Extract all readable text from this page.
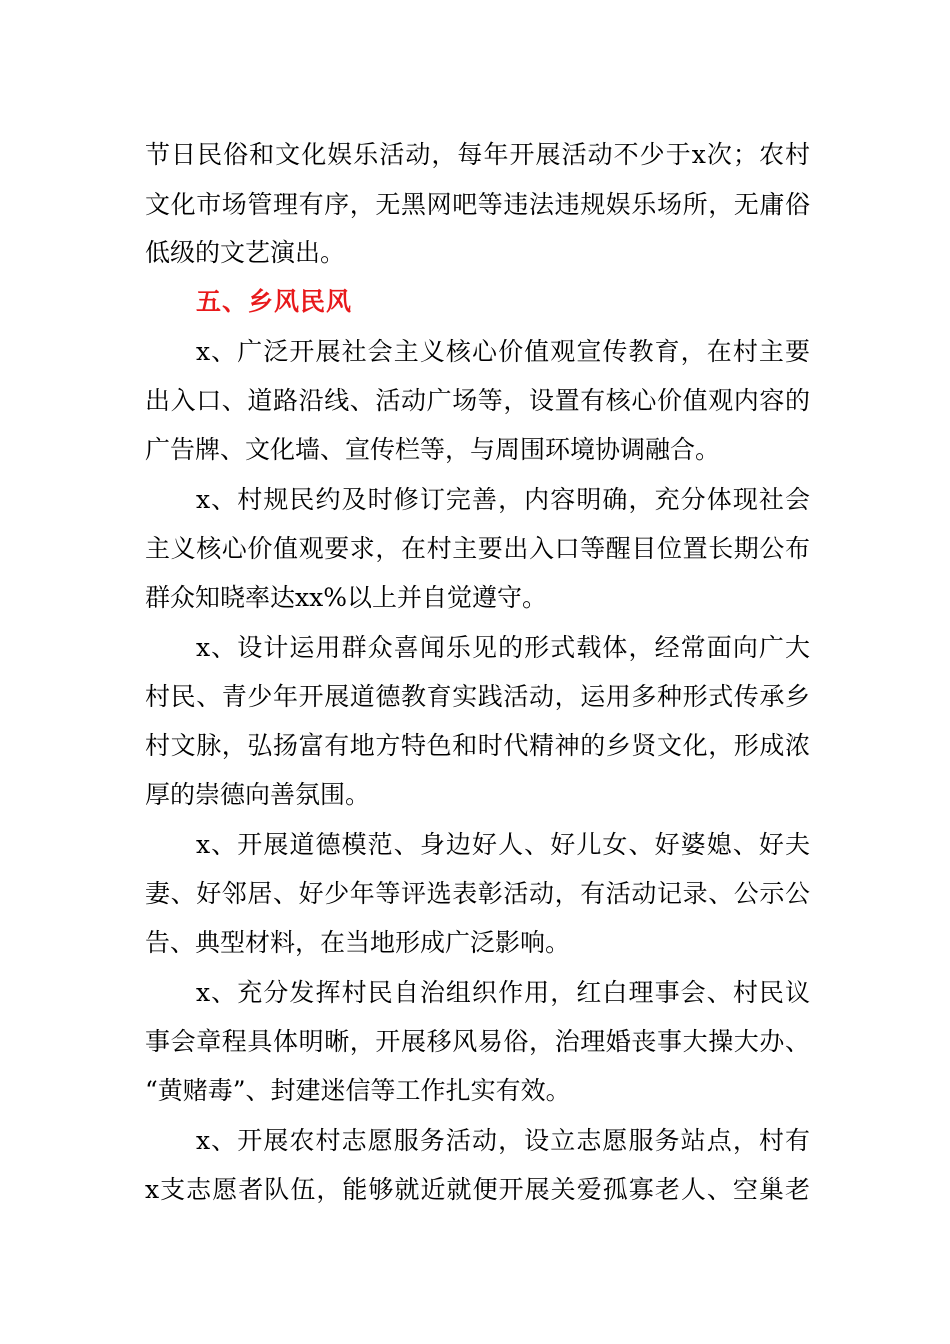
节日民俗和文化娱乐活动，每年开展活动不少于x次；农村
文化市场管理有序，无黑网吧等违法违规娱乐场所，无庸俗
低级的文艺演出。
五、乡风民风
x、广泛开展社会主义核心价值观宣传教育，在村主要
出入口、道路沿线、活动广场等，设置有核心价值观内容的
广告牌、文化墙、宣传栏等，与周围环境协调融合。
x、村规民约及时修订完善，内容明确，充分体现社会
主义核心价值观要求，在村主要出入口等醒目位置长期公布
群众知晓率达xx%以上并自觉遵守。
x、设计运用群众喜闻乐见的形式载体，经常面向广大
村民、青少年开展道德教育实践活动，运用多种形式传承乡
村文脉，弘扬富有地方特色和时代精神的乡贤文化，形成浓
厚的崇德向善氛围。
x、开展道德模范、身边好人、好儿女、好婆媳、好夫
妻、好邻居、好少年等评选表彰活动，有活动记录、公示公
告、典型材料，在当地形成广泛影响。
x、充分发挥村民自治组织作用，红白理事会、村民议
事会章程具体明晰，开展移风易俗，治理婚丧事大操大办、
“黄赌毒”、封建迷信等工作扎实有效。
x、开展农村志愿服务活动，设立志愿服务站点，村有
x支志愿者队伍，能够就近就便开展关爱孤寡老人、空巢老
